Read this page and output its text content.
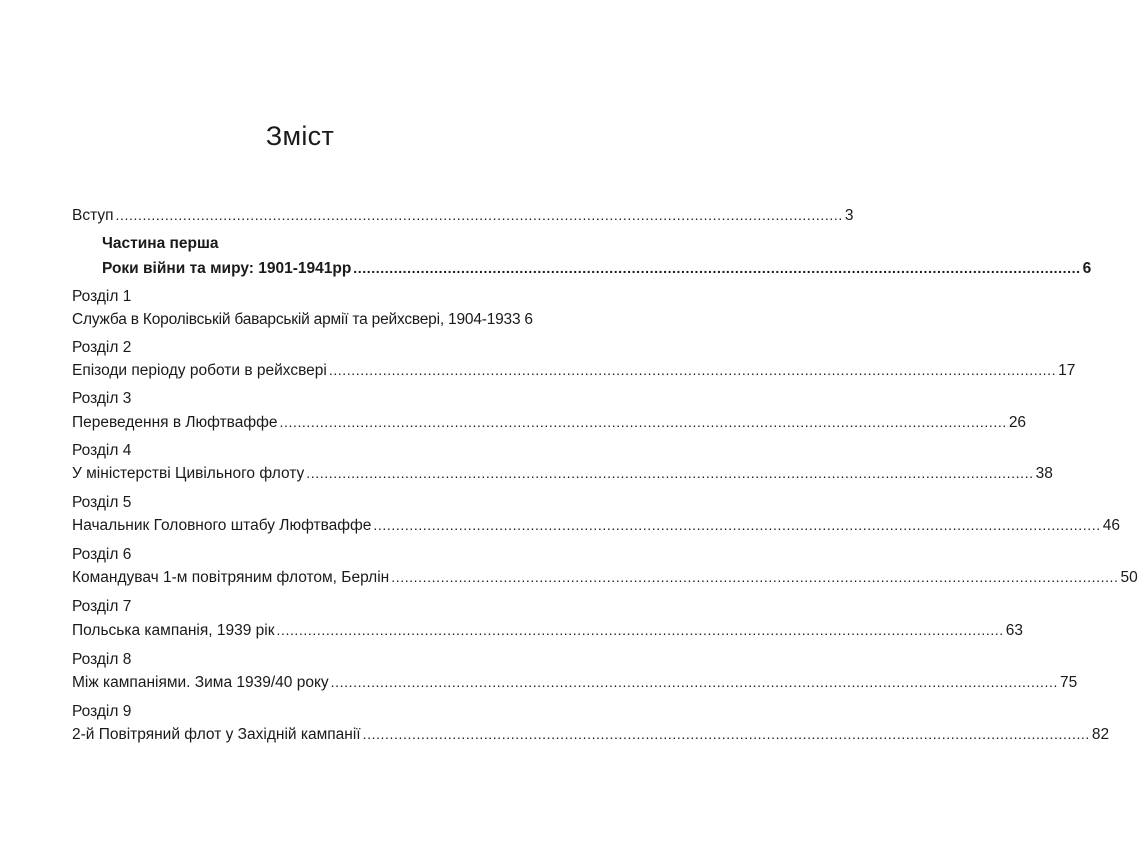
Зміст
Вступ .................................................................................................................................................................. 3
Частина перша
Роки війни та миру: 1901-1941рр .................................................................................................................................................................. 6
Розділ 1
Служба в Королівській баварській армії та рейхсвері, 1904-1933 6
Розділ 2
Епізоди періоду роботи в рейхсвері .................................................................................................................................................................. 17
Розділ 3
Переведення в Люфтваффе .................................................................................................................................................................. 26
Розділ 4
У міністерстві Цивільного флоту .................................................................................................................................................................. 38
Розділ 5
Начальник Головного штабу Люфтваффе .................................................................................................................................................................. 46
Розділ 6
Командувач 1-м повітряним флотом, Берлін .................................................................................................................................................................. 50
Розділ 7
Польська кампанія, 1939 рік .................................................................................................................................................................. 63
Розділ 8
Між кампаніями. Зима 1939/40 року .................................................................................................................................................................. 75
Розділ 9
2-й Повітряний флот у Західній кампанії .................................................................................................................................................................. 82
